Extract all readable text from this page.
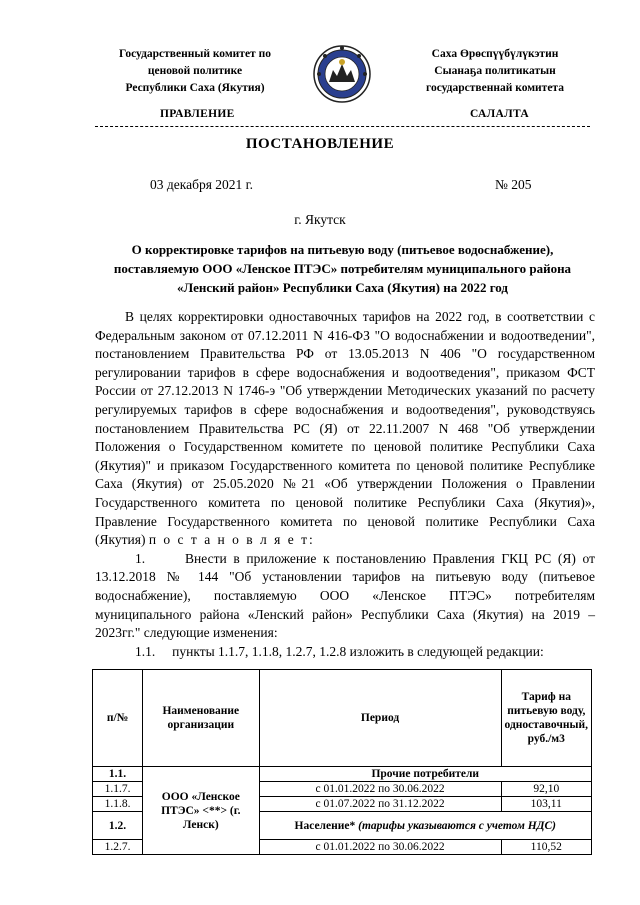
Государственный комитет по
ценовой политике
Республики Саха (Якутия)
Саха Өрөспүүбүлүкэтин
Сыанаҕа политикатын
государственнай комитета
ПРАВЛЕНИЕ	САЛАЛТА
ПОСТАНОВЛЕНИЕ
03 декабря 2021 г.	№ 205
г. Якутск
О корректировке тарифов на питьевую воду (питьевое водоснабжение), поставляемую ООО «Ленское ПТЭС» потребителям муниципального района «Ленский район» Республики Саха (Якутия) на 2022 год

В целях корректировки одноставочных тарифов на 2022 год, в соответствии с Федеральным законом от 07.12.2011 N 416-ФЗ "О водоснабжении и водоотведении", постановлением Правительства РФ от 13.05.2013 N 406 "О государственном регулировании тарифов в сфере водоснабжения и водоотведения", приказом ФСТ России от 27.12.2013 N 1746-э "Об утверждении Методических указаний по расчету регулируемых тарифов в сфере водоснабжения и водоотведения", руководствуясь постановлением Правительства РС (Я) от 22.11.2007 N 468 "Об утверждении Положения о Государственном комитете по ценовой политике Республики Саха (Якутия)" и приказом Государственного комитета по ценовой политике Республике Саха (Якутия) от 25.05.2020 №21 «Об утверждении Положения о Правлении Государственного комитета по ценовой политике Республики Саха (Якутия)», Правление Государственного комитета по ценовой политике Республики Саха (Якутия) п о с т а н о в л я е т:

1.	Внести в приложение к постановлению Правления ГКЦ РС (Я) от 13.12.2018 № 144 "Об установлении тарифов на питьевую воду (питьевое водоснабжение), поставляемую ООО «Ленское ПТЭС» потребителям муниципального района «Ленский район» Республики Саха (Якутия) на 2019 – 2023гг." следующие изменения:

1.1. пункты 1.1.7, 1.1.8, 1.2.7, 1.2.8 изложить в следующей редакции:

п/№	Наименование организации	Период	Тариф на питьевую воду, одноставочный, руб./м3
1.1.	ООО «Ленское ПТЭС» <**> (г. Ленск)	Прочие потребители	
1.1.7.		с 01.01.2022 по 30.06.2022	92,10
1.1.8.		с 01.07.2022 по 31.12.2022	103,11
1.2.		Население* (тарифы указываются с учетом НДС)	
1.2.7.		с 01.01.2022 по 30.06.2022	110,52
